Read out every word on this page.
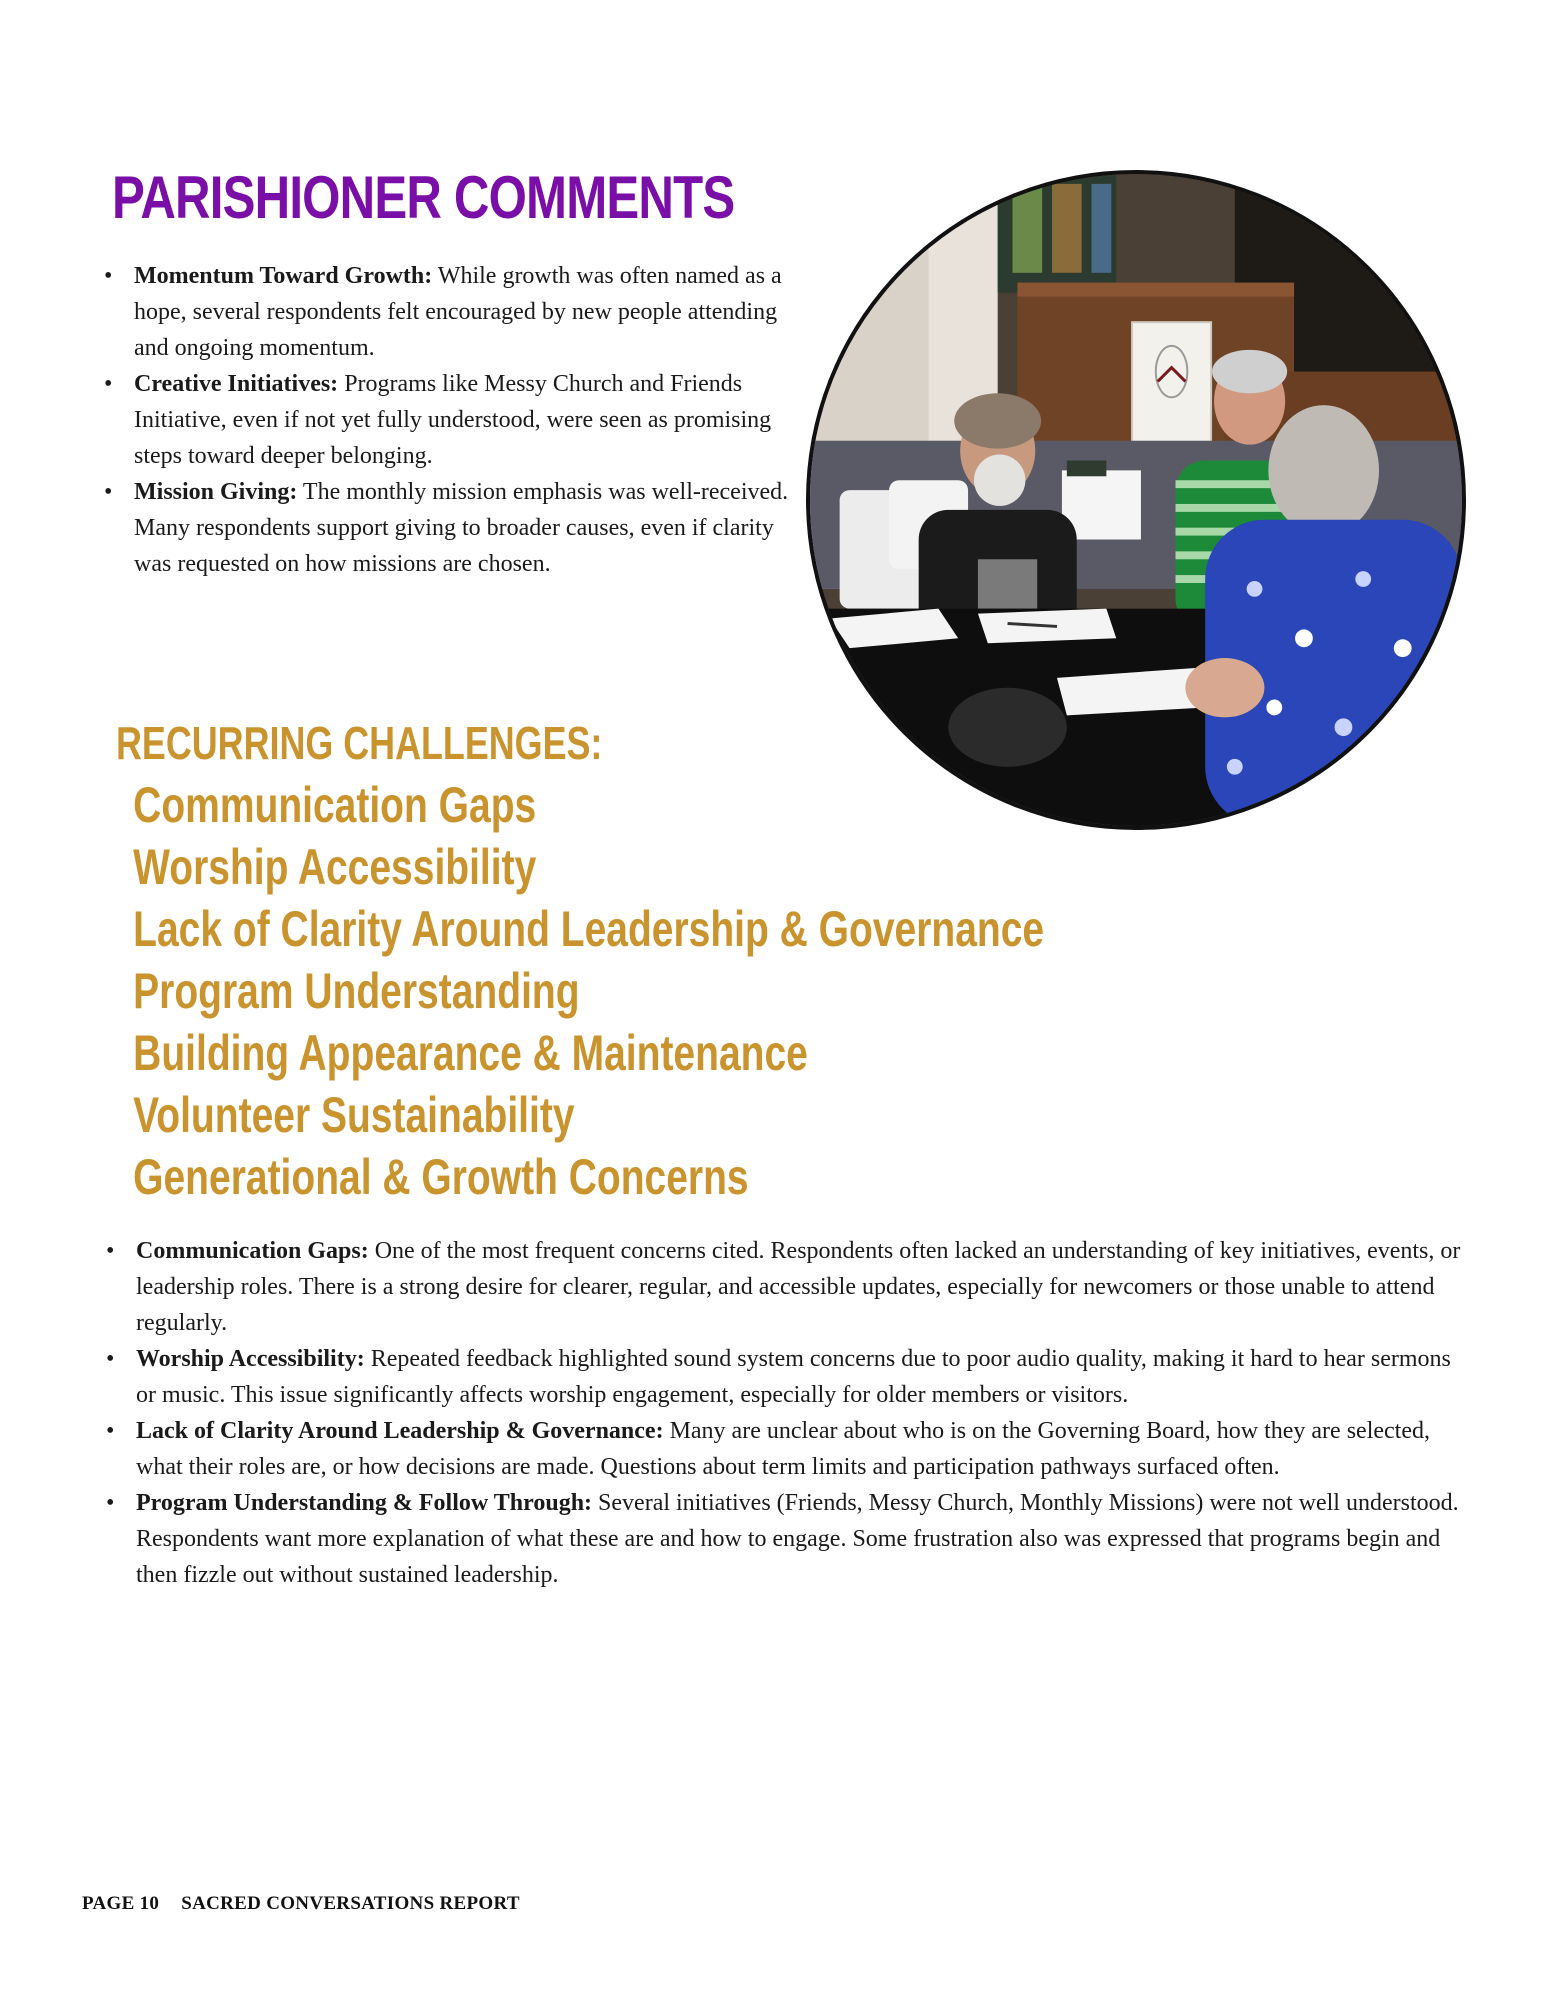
PARISHIONER COMMENTS
• Momentum Toward Growth: While growth was often named as a hope, several respondents felt encouraged by new people attending and ongoing momentum.
• Creative Initiatives: Programs like Messy Church and Friends Initiative, even if not yet fully understood, were seen as promising steps toward deeper belonging.
• Mission Giving: The monthly mission emphasis was well-received. Many respondents support giving to broader causes, even if clarity was requested on how missions are chosen.
RECURRING CHALLENGES:
Communication Gaps
Worship Accessibility
Lack of Clarity Around Leadership & Governance
Program Understanding
Building Appearance & Maintenance
Volunteer Sustainability
Generational & Growth Concerns
• Communication Gaps: One of the most frequent concerns cited. Respondents often lacked an understanding of key initiatives, events, or leadership roles. There is a strong desire for clearer, regular, and accessible updates, especially for newcomers or those unable to attend regularly.
• Worship Accessibility: Repeated feedback highlighted sound system concerns due to poor audio quality, making it hard to hear sermons or music. This issue significantly affects worship engagement, especially for older members or visitors.
• Lack of Clarity Around Leadership & Governance: Many are unclear about who is on the Governing Board, how they are selected, what their roles are, or how decisions are made. Questions about term limits and participation pathways surfaced often.
• Program Understanding & Follow Through: Several initiatives (Friends, Messy Church, Monthly Missions) were not well understood. Respondents want more explanation of what these are and how to engage. Some frustration also was expressed that programs begin and then fizzle out without sustained leadership.
PAGE 10 SACRED CONVERSATIONS REPORT
